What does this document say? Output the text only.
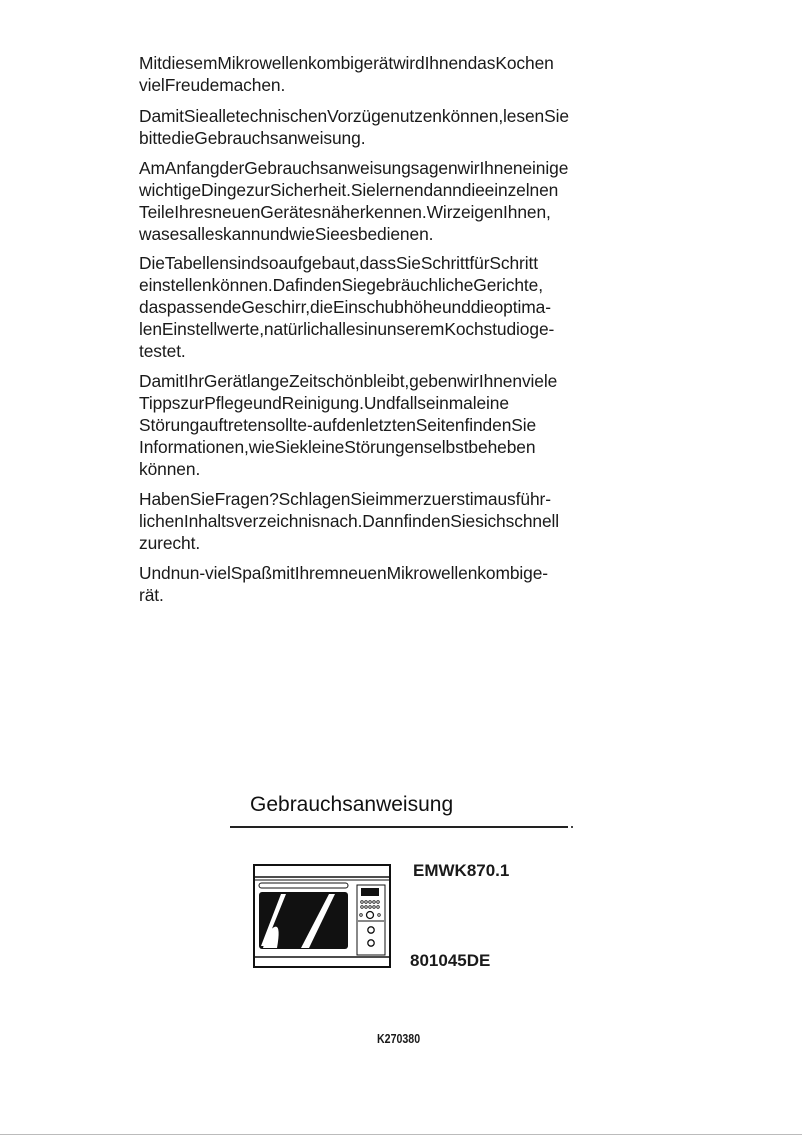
MitdiesemMikrowellenkombigerätwirdIhnendasKochen
vielFreudemachen.
DamitSiealletechnischenVorzügenutzenkönnen,lesenSie
bittedieGebrauchsanweisung.
AmAnfangderGebrauchsanweisungsagenwirIhneneinige
wichtigeDingezurSicherheit.Sielernendanndieeinzelnen
TeileIhresneuenGerätesnäherkennen.WirzeigenIhnen,
wasesalleskannundwieSieesbedienen.
DieTabellensindsoaufgebaut,dassSieSchrittfürSchritt
einstellenkönnen.DafindenSiegebräuchlicheGerichte,
daspassendeGeschirr,dieEinschubhöheunddieoptima-
lenEinstellwerte,natürlichallesinunseremKochstudioge-
testet.
DamitIhrGerätlangeZeitschönbleibt,gebenwirIhnenviele
TippszurPflegeundReinigung.Undfallseinmaleine
Störungauftretensollte-aufdenletztenSeitenfindenSie
Informationen,wieSiekleineStörungenselbstbeheben
können.
HabenSieFragen?SchlagenSieimmerzuerstimausführ-
lichenInhaltsverzeichnisnach.DannfindenSiesichschnell
zurecht.
Undnun-vielSpaßmitIhremneuenMikrowellenkombige-
rät.
Gebrauchsanweisung
EMWK870.1
801045DE
K270380
